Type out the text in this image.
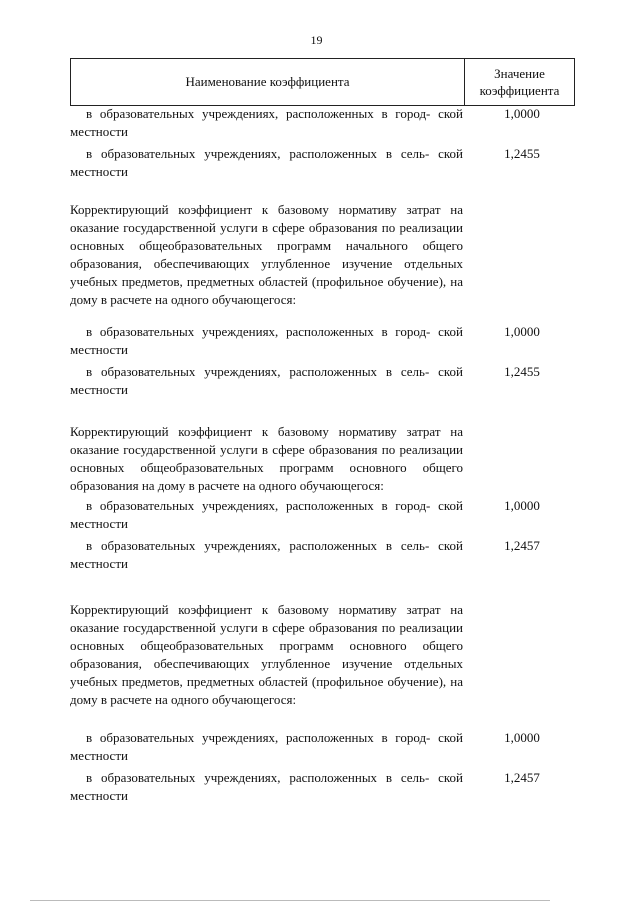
19
Наименование коэффициента
Значение
коэффициента
в образовательных учреждениях, расположенных в город- ской местности
1,0000
в образовательных учреждениях, расположенных в сель- ской местности
1,2455
Корректирующий коэффициент к базовому нормативу затрат на оказание государственной услуги в сфере образования по реализации основных общеобразовательных программ начального общего образования, обеспечивающих углубленное изучение отдельных учебных предметов, предметных областей (профильное обучение), на дому в расчете на одного обучающегося:
в образовательных учреждениях, расположенных в город- ской местности
1,0000
в образовательных учреждениях, расположенных в сель- ской местности
1,2455
Корректирующий коэффициент к базовому нормативу затрат на оказание государственной услуги в сфере образования по реализации основных общеобразовательных программ основного общего образования на дому в расчете на одного обучающегося:
в образовательных учреждениях, расположенных в город- ской местности
1,0000
в образовательных учреждениях, расположенных в сель- ской местности
1,2457
Корректирующий коэффициент к базовому нормативу затрат на оказание государственной услуги в сфере образования по реализации основных общеобразовательных программ основного общего образования, обеспечивающих углубленное изучение отдельных учебных предметов, предметных областей (профильное обучение), на дому в расчете на одного обучающегося:
в образовательных учреждениях, расположенных в город- ской местности
1,0000
в образовательных учреждениях, расположенных в сель- ской местности
1,2457
